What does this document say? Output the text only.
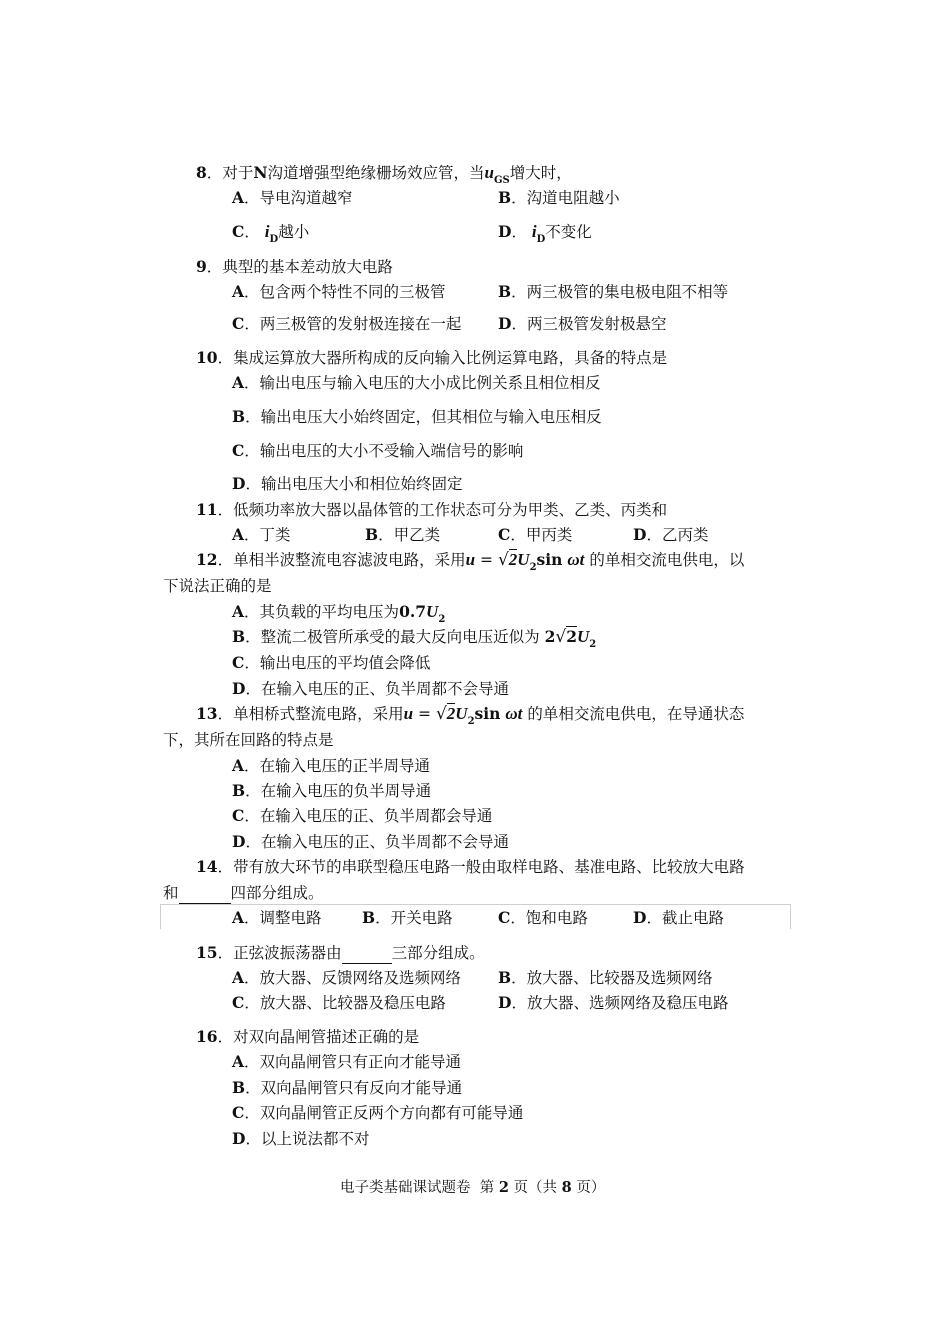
8．对于N沟道增强型绝缘栅场效应管，当$u_{GS}$增大时，
A．导电沟道越窄	B．沟道电阻越小
C． $i_D$越小	D． $i_D$不变化
9．典型的基本差动放大电路
A．包含两个特性不同的三极管	B．两三极管的集电极电阻不相等
C．两三极管的发射极连接在一起 D．两三极管发射极悬空
10．集成运算放大器所构成的反向输入比例运算电路，具备的特点是
A．输出电压与输入电压的大小成比例关系且相位相反
B．输出电压大小始终固定，但其相位与输入电压相反
C．输出电压的大小不受输入端信号的影响
D．输出电压大小和相位始终固定
11．低频功率放大器以晶体管的工作状态可分为甲类、乙类、丙类和
A．丁类	B．甲乙类	C．甲丙类	D．乙丙类
12．单相半波整流电容滤波电路，采用$u = √2U_2\sin$ ωt 的单相交流电供电，以
下说法正确的是
A．其负载的平均电压为$0.7U_2$
B．整流二极管所承受的最大反向电压近似为 $2√2U_2$
C．输出电压的平均值会降低
D．在输入电压的正、负半周都不会导通
13．单相桥式整流电路，采用$u = √2U_2\sin$ ωt 的单相交流电供电，在导通状态
下，其所在回路的特点是
A．在输入电压的正半周导通
B．在输入电压的负半周导通
C．在输入电压的正、负半周都会导通
D．在输入电压的正、负半周都不会导通
14．带有放大环节的串联型稳压电路一般由取样电路、基准电路、比较放大电路
和	四部分组成。
A．调整电路	B．开关电路	C．饱和电路	D．截止电路
15．正弦波振荡器由	三部分组成。
A．放大器、反馈网络及选频网络 B．放大器、比较器及选频网络
C．放大器、比较器及稳压电路	D．放大器、选频网络及稳压电路
16．对双向晶闸管描述正确的是
A．双向晶闸管只有正向才能导通
B．双向晶闸管只有反向才能导通
C．双向晶闸管正反两个方向都有可能导通
D．以上说法都不对
电子类基础课试题卷 第 2 页（共 8 页）
